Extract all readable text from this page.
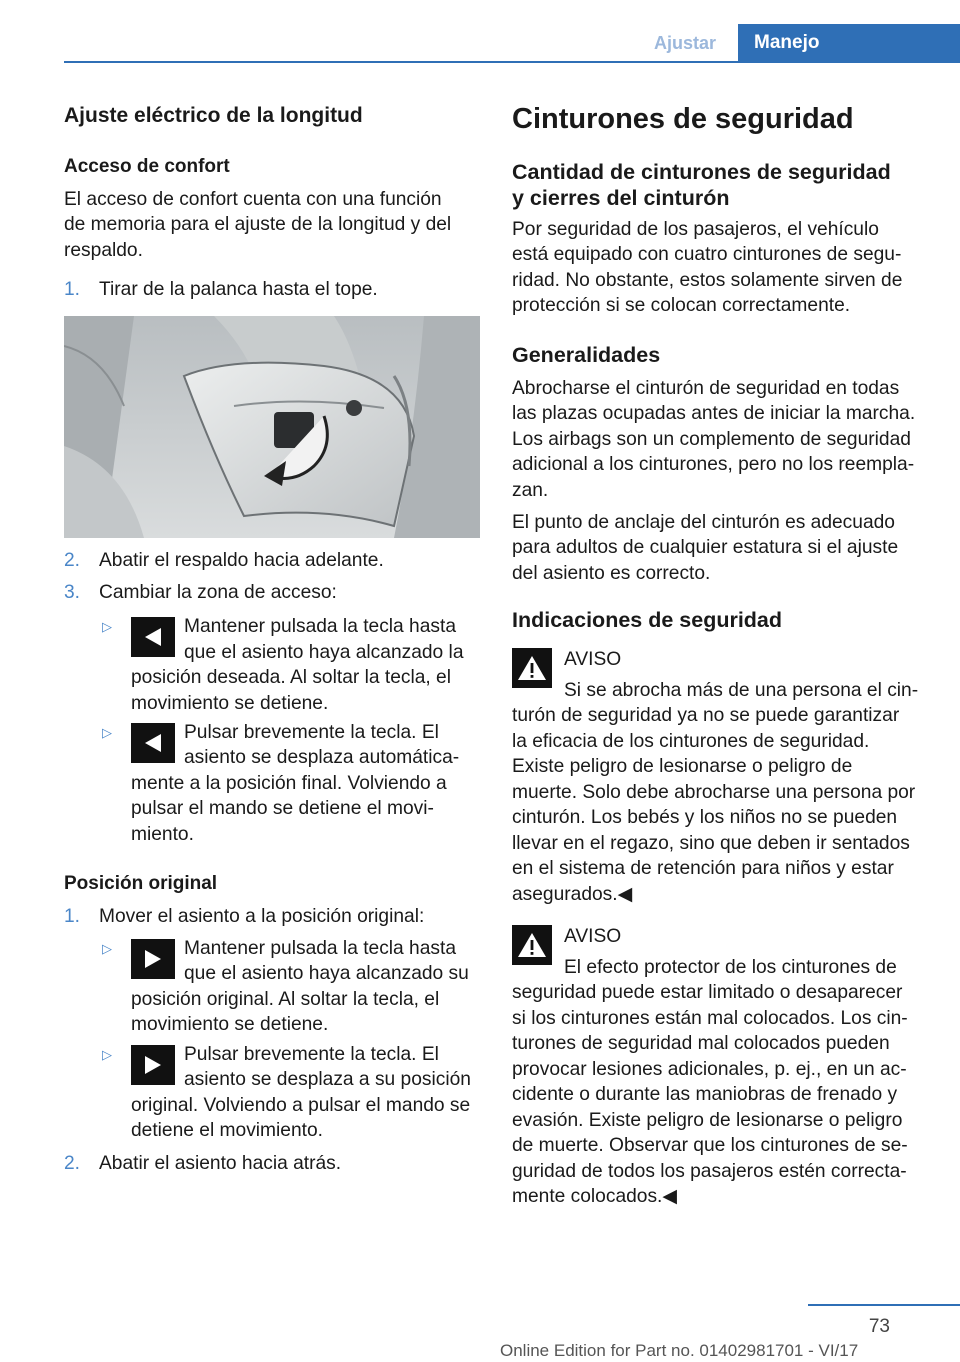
Ajustar	Manejo
Ajuste eléctrico de la longitud
Acceso de confort
El acceso de confort cuenta con una función
de memoria para el ajuste de la longitud y del
respaldo.
1. Tirar de la palanca hasta el tope.
2. Abatir el respaldo hacia adelante.
3. Cambiar la zona de acceso:
▷	Mantener pulsada la tecla hasta
que el asiento haya alcanzado la
posición deseada. Al soltar la tecla, el
movimiento se detiene.
▷	Pulsar brevemente la tecla. El
asiento se desplaza automática‐
mente a la posición final. Volviendo a
pulsar el mando se detiene el movi‐
miento.
Posición original
1. Mover el asiento a la posición original:
▷	Mantener pulsada la tecla hasta
que el asiento haya alcanzado su
posición original. Al soltar la tecla, el
movimiento se detiene.
▷	Pulsar brevemente la tecla. El
asiento se desplaza a su posición
original. Volviendo a pulsar el mando se
detiene el movimiento.
2. Abatir el asiento hacia atrás.
Cinturones de seguridad
Cantidad de cinturones de seguridad
y cierres del cinturón
Por seguridad de los pasajeros, el vehículo
está equipado con cuatro cinturones de segu‐
ridad. No obstante, estos solamente sirven de
protección si se colocan correctamente.
Generalidades
Abrocharse el cinturón de seguridad en todas
las plazas ocupadas antes de iniciar la marcha.
Los airbags son un complemento de seguridad
adicional a los cinturones, pero no los reempla‐
zan.
El punto de anclaje del cinturón es adecuado
para adultos de cualquier estatura si el ajuste
del asiento es correcto.
Indicaciones de seguridad
AVISO
Si se abrocha más de una persona el cin‐
turón de seguridad ya no se puede garantizar
la eficacia de los cinturones de seguridad.
Existe peligro de lesionarse o peligro de
muerte. Solo debe abrocharse una persona por
cinturón. Los bebés y los niños no se pueden
llevar en el regazo, sino que deben ir sentados
en el sistema de retención para niños y estar
asegurados.◀
AVISO
El efecto protector de los cinturones de
seguridad puede estar limitado o desaparecer
si los cinturones están mal colocados. Los cin‐
turones de seguridad mal colocados pueden
provocar lesiones adicionales, p. ej., en un ac‐
cidente o durante las maniobras de frenado y
evasión. Existe peligro de lesionarse o peligro
de muerte. Observar que los cinturones de se‐
guridad de todos los pasajeros estén correcta‐
mente colocados.◀
73
Online Edition for Part no. 01402981701 - VI/17
